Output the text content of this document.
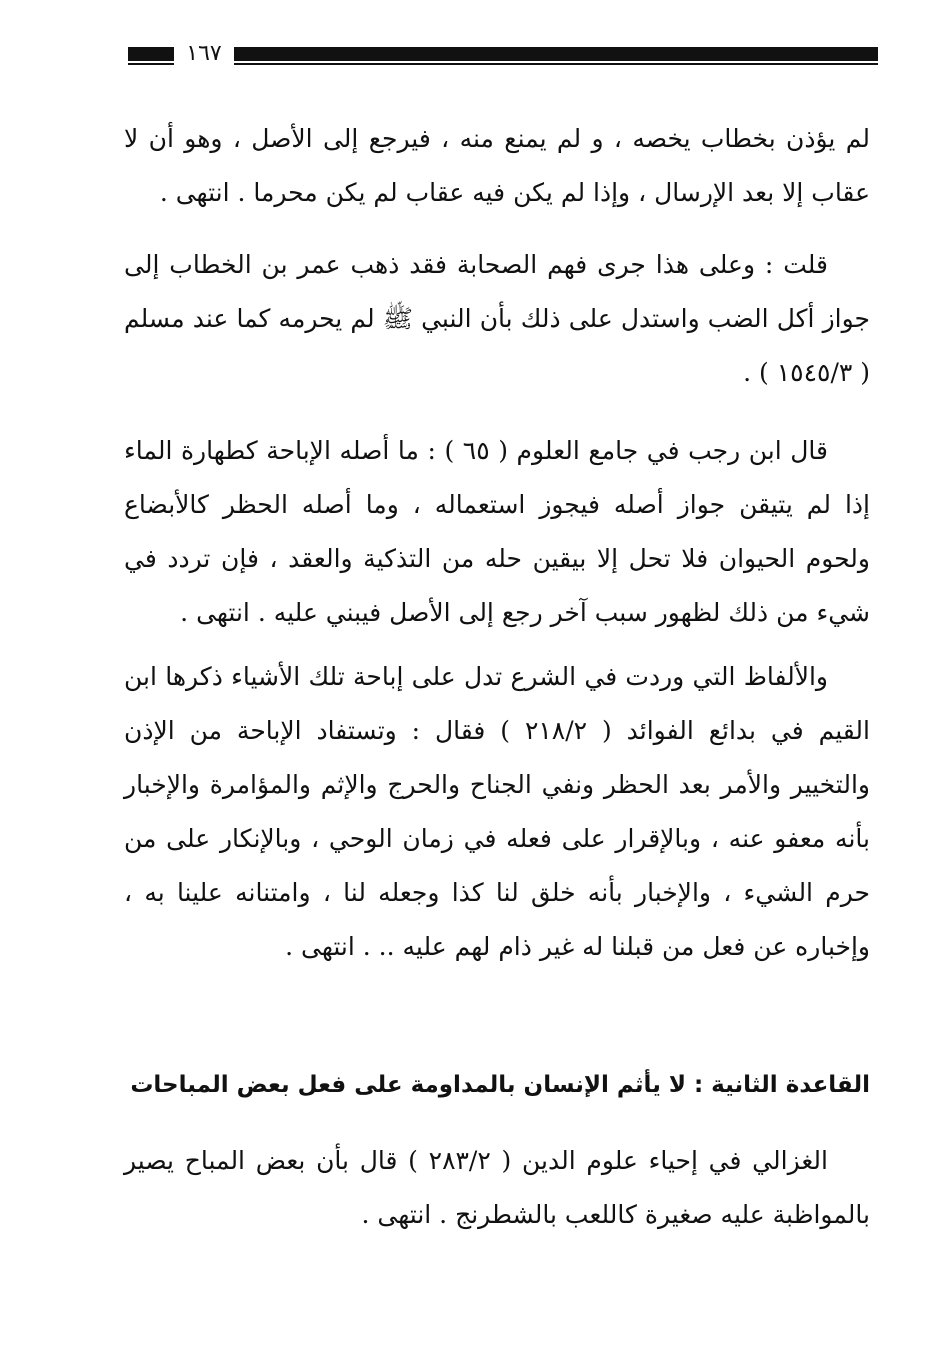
١٦٧

لم يؤذن بخطاب يخصه ، و لم يمنع منه ، فيرجع إلى الأصل ، وهو أن لا عقاب إلا بعد الإرسال ، وإذا لم يكن فيه عقاب لم يكن محرما . انتهى .

قلت : وعلى هذا جرى فهم الصحابة فقد ذهب عمر بن الخطاب إلى جواز أكل الضب واستدل على ذلك بأن النبي ﷺ لم يحرمه كما عند مسلم ( ١٥٤٥/٣ ) .

قال ابن رجب في جامع العلوم ( ٦٥ ) : ما أصله الإباحة كطهارة الماء إذا لم يتيقن جواز أصله فيجوز استعماله ، وما أصله الحظر كالأبضاع ولحوم الحيوان فلا تحل إلا بيقين حله من التذكية والعقد ، فإن تردد في شيء من ذلك لظهور سبب آخر رجع إلى الأصل فيبني عليه . انتهى .

والألفاظ التي وردت في الشرع تدل على إباحة تلك الأشياء ذكرها ابن القيم في بدائع الفوائد ( ٢١٨/٢ ) فقال : وتستفاد الإباحة من الإذن والتخيير والأمر بعد الحظر ونفي الجناح والحرج والإثم والمؤامرة والإخبار بأنه معفو عنه ، وبالإقرار على فعله في زمان الوحي ، وبالإنكار على من حرم الشيء ، والإخبار بأنه خلق لنا كذا وجعله لنا ، وامتنانه علينا به ، وإخباره عن فعل من قبلنا له غير ذام لهم عليه .. . انتهى .

القاعدة الثانية : لا يأثم الإنسان بالمداومة على فعل بعض المباحات

الغزالي في إحياء علوم الدين ( ٢٨٣/٢ ) قال بأن بعض المباح يصير بالمواظبة عليه صغيرة كاللعب بالشطرنج . انتهى .
